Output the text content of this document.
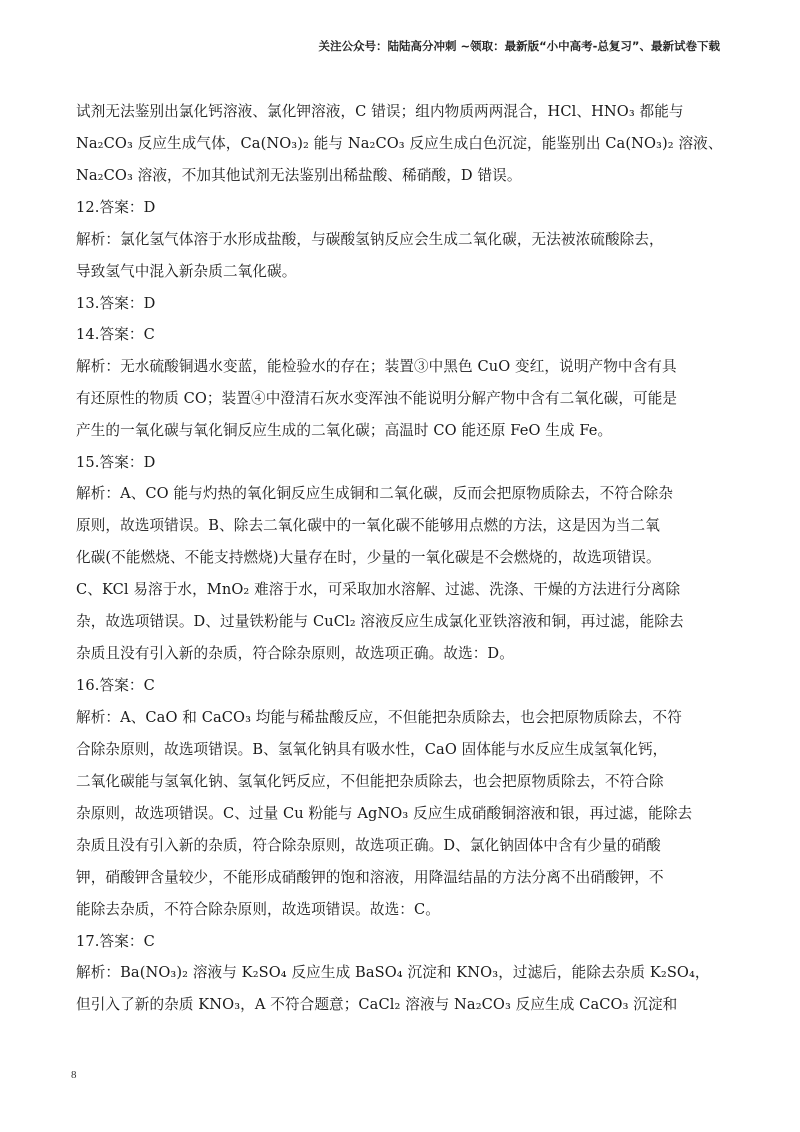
关注公众号：陆陆高分冲刺 ~领取：最新版“小中高考-总复习”、最新试卷下载
试剂无法鉴别出氯化钙溶液、氯化钾溶液，C 错误；组内物质两两混合，HCl、HNO₃ 都能与
Na₂CO₃ 反应生成气体，Ca(NO₃)₂ 能与 Na₂CO₃ 反应生成白色沉淀，能鉴别出 Ca(NO₃)₂ 溶液、
Na₂CO₃ 溶液，不加其他试剂无法鉴别出稀盐酸、稀硝酸，D 错误。
12.答案：D
解析：氯化氢气体溶于水形成盐酸，与碳酸氢钠反应会生成二氧化碳，无法被浓硫酸除去，
导致氢气中混入新杂质二氧化碳。
13.答案：D
14.答案：C
解析：无水硫酸铜遇水变蓝，能检验水的存在；装置③中黑色 CuO 变红，说明产物中含有具
有还原性的物质 CO；装置④中澄清石灰水变浑浊不能说明分解产物中含有二氧化碳，可能是
产生的一氧化碳与氧化铜反应生成的二氧化碳；高温时 CO 能还原 FeO 生成 Fe。
15.答案：D
解析：A、CO 能与灼热的氧化铜反应生成铜和二氧化碳，反而会把原物质除去，不符合除杂
原则，故选项错误。B、除去二氧化碳中的一氧化碳不能够用点燃的方法，这是因为当二氧
化碳(不能燃烧、不能支持燃烧)大量存在时，少量的一氧化碳是不会燃烧的，故选项错误。
C、KCl 易溶于水，MnO₂ 难溶于水，可采取加水溶解、过滤、洗涤、干燥的方法进行分离除
杂，故选项错误。D、过量铁粉能与 CuCl₂ 溶液反应生成氯化亚铁溶液和铜，再过滤，能除去
杂质且没有引入新的杂质，符合除杂原则，故选项正确。故选：D。
16.答案：C
解析：A、CaO 和 CaCO₃ 均能与稀盐酸反应，不但能把杂质除去，也会把原物质除去，不符
合除杂原则，故选项错误。B、氢氧化钠具有吸水性，CaO 固体能与水反应生成氢氧化钙，
二氧化碳能与氢氧化钠、氢氧化钙反应，不但能把杂质除去，也会把原物质除去，不符合除
杂原则，故选项错误。C、过量 Cu 粉能与 AgNO₃ 反应生成硝酸铜溶液和银，再过滤，能除去
杂质且没有引入新的杂质，符合除杂原则，故选项正确。D、氯化钠固体中含有少量的硝酸
钾，硝酸钾含量较少，不能形成硝酸钾的饱和溶液，用降温结晶的方法分离不出硝酸钾，不
能除去杂质，不符合除杂原则，故选项错误。故选：C。
17.答案：C
解析：Ba(NO₃)₂ 溶液与 K₂SO₄ 反应生成 BaSO₄ 沉淀和 KNO₃，过滤后，能除去杂质 K₂SO₄，
但引入了新的杂质 KNO₃，A 不符合题意；CaCl₂ 溶液与 Na₂CO₃ 反应生成 CaCO₃ 沉淀和
8
